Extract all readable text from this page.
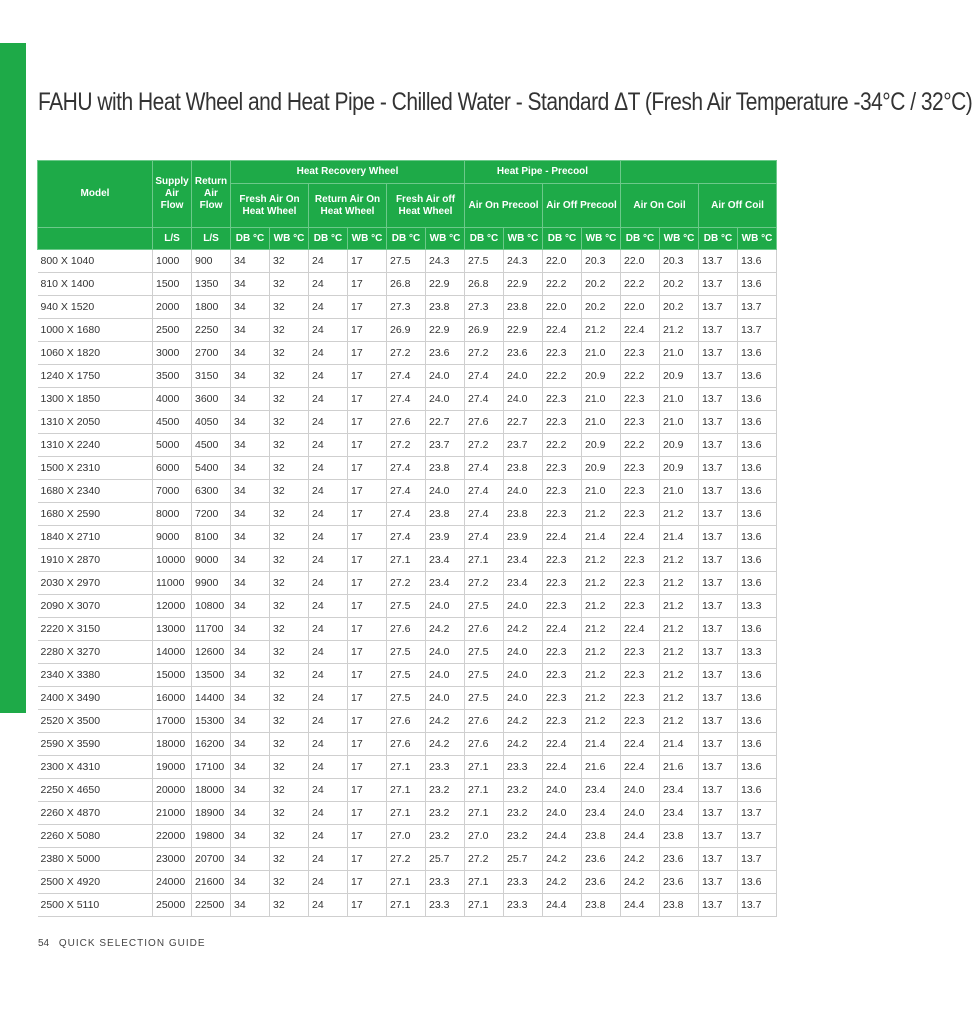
FAHU with Heat Wheel and Heat Pipe - Chilled Water - Standard ΔT (Fresh Air Temperature -34°C / 32°C)
Model	Supply Air Flow	Return Air Flow	Heat Recovery Wheel						Heat Pipe - Precool							
			Fresh Air On Heat Wheel		Return Air On Heat Wheel		Fresh Air off Heat Wheel		Air On Precool		Air Off Precool		Air On Coil		Air Off Coil	
	L/S	L/S	DB °C	WB °C	DB °C	WB °C	DB °C	WB °C	DB °C	WB °C	DB °C	WB °C	DB °C	WB °C	DB °C	WB °C
800 X 1040	1000	900	34	32	24	17	27.5	24.3	27.5	24.3	22.0	20.3	22.0	20.3	13.7	13.6
810 X 1400	1500	1350	34	32	24	17	26.8	22.9	26.8	22.9	22.2	20.2	22.2	20.2	13.7	13.6
940 X 1520	2000	1800	34	32	24	17	27.3	23.8	27.3	23.8	22.0	20.2	22.0	20.2	13.7	13.7
1000 X 1680	2500	2250	34	32	24	17	26.9	22.9	26.9	22.9	22.4	21.2	22.4	21.2	13.7	13.7
1060 X 1820	3000	2700	34	32	24	17	27.2	23.6	27.2	23.6	22.3	21.0	22.3	21.0	13.7	13.6
1240 X 1750	3500	3150	34	32	24	17	27.4	24.0	27.4	24.0	22.2	20.9	22.2	20.9	13.7	13.6
1300 X 1850	4000	3600	34	32	24	17	27.4	24.0	27.4	24.0	22.3	21.0	22.3	21.0	13.7	13.6
1310 X 2050	4500	4050	34	32	24	17	27.6	22.7	27.6	22.7	22.3	21.0	22.3	21.0	13.7	13.6
1310 X 2240	5000	4500	34	32	24	17	27.2	23.7	27.2	23.7	22.2	20.9	22.2	20.9	13.7	13.6
1500 X 2310	6000	5400	34	32	24	17	27.4	23.8	27.4	23.8	22.3	20.9	22.3	20.9	13.7	13.6
1680 X 2340	7000	6300	34	32	24	17	27.4	24.0	27.4	24.0	22.3	21.0	22.3	21.0	13.7	13.6
1680 X 2590	8000	7200	34	32	24	17	27.4	23.8	27.4	23.8	22.3	21.2	22.3	21.2	13.7	13.6
1840 X 2710	9000	8100	34	32	24	17	27.4	23.9	27.4	23.9	22.4	21.4	22.4	21.4	13.7	13.6
1910 X 2870	10000	9000	34	32	24	17	27.1	23.4	27.1	23.4	22.3	21.2	22.3	21.2	13.7	13.6
2030 X 2970	11000	9900	34	32	24	17	27.2	23.4	27.2	23.4	22.3	21.2	22.3	21.2	13.7	13.6
2090 X 3070	12000	10800	34	32	24	17	27.5	24.0	27.5	24.0	22.3	21.2	22.3	21.2	13.7	13.3
2220 X 3150	13000	11700	34	32	24	17	27.6	24.2	27.6	24.2	22.4	21.2	22.4	21.2	13.7	13.6
2280 X 3270	14000	12600	34	32	24	17	27.5	24.0	27.5	24.0	22.3	21.2	22.3	21.2	13.7	13.3
2340 X 3380	15000	13500	34	32	24	17	27.5	24.0	27.5	24.0	22.3	21.2	22.3	21.2	13.7	13.6
2400 X 3490	16000	14400	34	32	24	17	27.5	24.0	27.5	24.0	22.3	21.2	22.3	21.2	13.7	13.6
2520 X 3500	17000	15300	34	32	24	17	27.6	24.2	27.6	24.2	22.3	21.2	22.3	21.2	13.7	13.6
2590 X 3590	18000	16200	34	32	24	17	27.6	24.2	27.6	24.2	22.4	21.4	22.4	21.4	13.7	13.6
2300 X 4310	19000	17100	34	32	24	17	27.1	23.3	27.1	23.3	22.4	21.6	22.4	21.6	13.7	13.6
2250 X 4650	20000	18000	34	32	24	17	27.1	23.2	27.1	23.2	24.0	23.4	24.0	23.4	13.7	13.6
2260 X 4870	21000	18900	34	32	24	17	27.1	23.2	27.1	23.2	24.0	23.4	24.0	23.4	13.7	13.7
2260 X 5080	22000	19800	34	32	24	17	27.0	23.2	27.0	23.2	24.4	23.8	24.4	23.8	13.7	13.7
2380 X 5000	23000	20700	34	32	24	17	27.2	25.7	27.2	25.7	24.2	23.6	24.2	23.6	13.7	13.7
2500 X 4920	24000	21600	34	32	24	17	27.1	23.3	27.1	23.3	24.2	23.6	24.2	23.6	13.7	13.6
2500 X 5110	25000	22500	34	32	24	17	27.1	23.3	27.1	23.3	24.4	23.8	24.4	23.8	13.7	13.7
54 QUICK SELECTION GUIDE
